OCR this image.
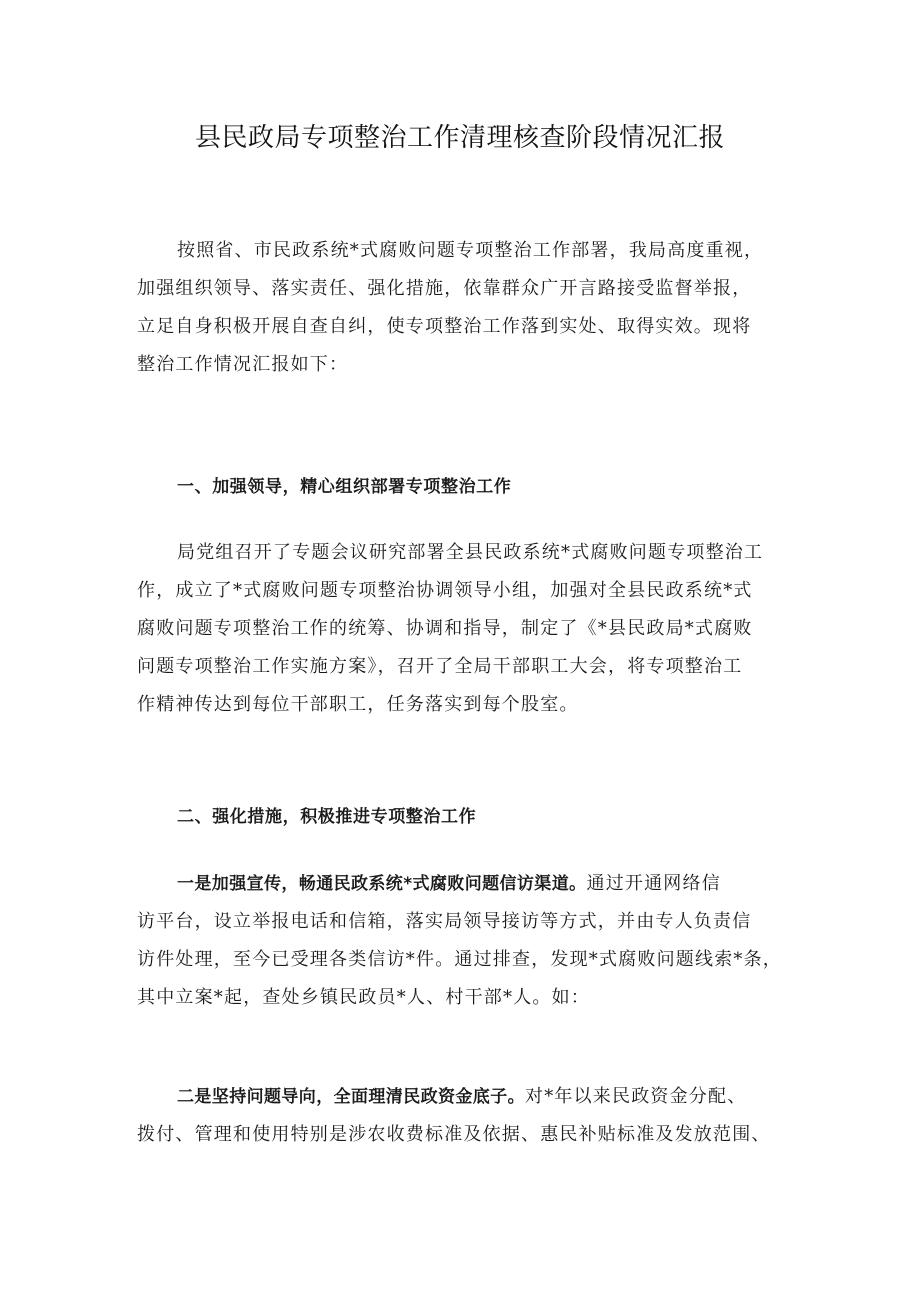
县民政局专项整治工作清理核查阶段情况汇报
按照省、市民政系统*式腐败问题专项整治工作部署，我局高度重视，
加强组织领导、落实责任、强化措施，依靠群众广开言路接受监督举报，
立足自身积极开展自查自纠，使专项整治工作落到实处、取得实效。现将
整治工作情况汇报如下：
一、加强领导，精心组织部署专项整治工作
局党组召开了专题会议研究部署全县民政系统*式腐败问题专项整治工
作，成立了*式腐败问题专项整治协调领导小组，加强对全县民政系统*式
腐败问题专项整治工作的统筹、协调和指导，制定了《*县民政局*式腐败
问题专项整治工作实施方案》，召开了全局干部职工大会，将专项整治工
作精神传达到每位干部职工，任务落实到每个股室。
二、强化措施，积极推进专项整治工作
一是加强宣传，畅通民政系统*式腐败问题信访渠道。通过开通网络信
访平台，设立举报电话和信箱，落实局领导接访等方式，并由专人负责信
访件处理，至今已受理各类信访*件。通过排查，发现*式腐败问题线索*条，
其中立案*起，查处乡镇民政员*人、村干部*人。如：
二是坚持问题导向，全面理清民政资金底子。对*年以来民政资金分配、
拨付、管理和使用特别是涉农收费标准及依据、惠民补贴标准及发放范围、
